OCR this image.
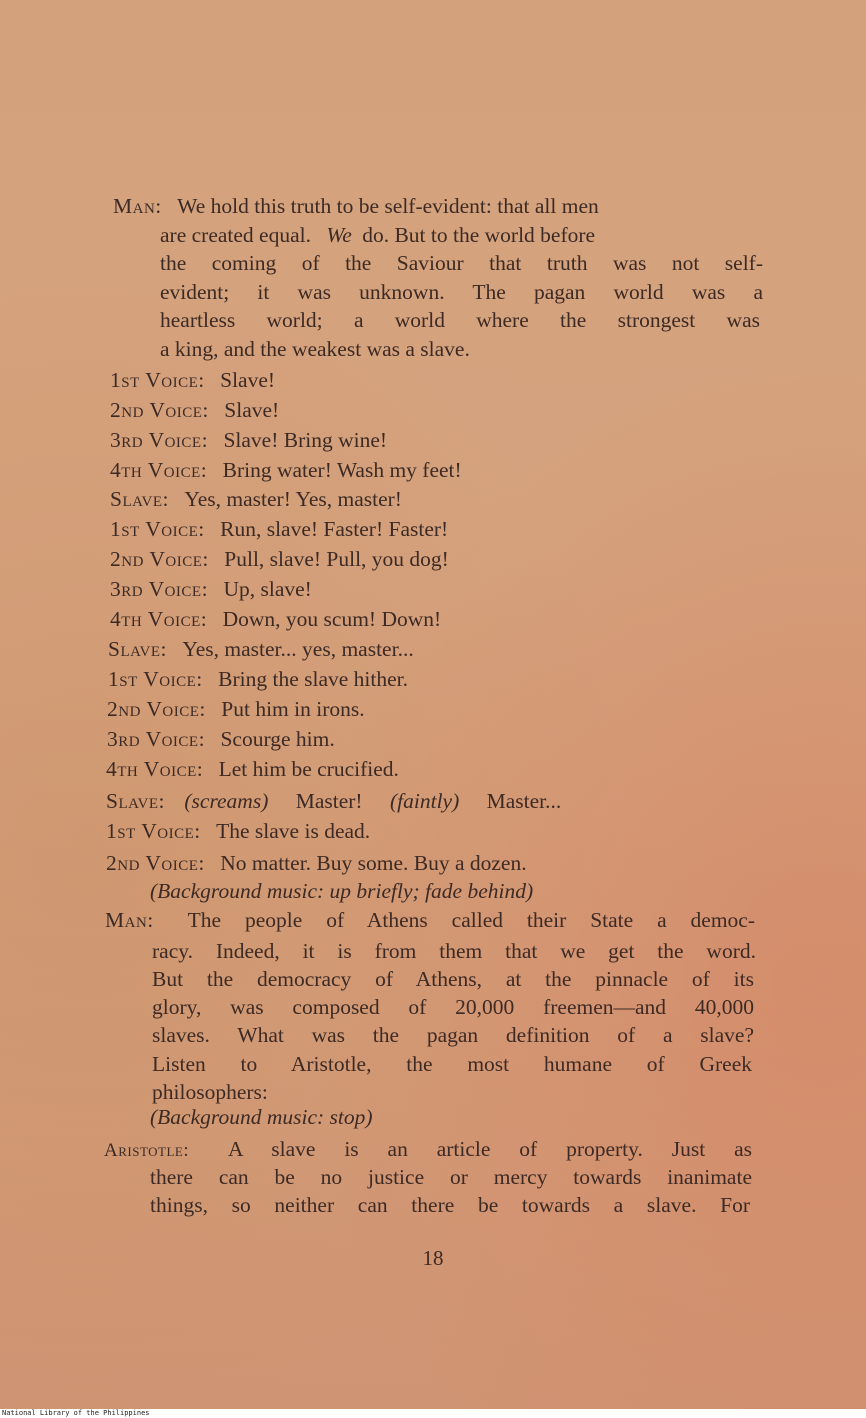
Man: We hold this truth to be self-evident: that all men
are created equal. We do. But to the world before
the coming of the Saviour that truth was not self-
evident; it was unknown. The pagan world was a
heartless world; a world where the strongest was
a king, and the weakest was a slave.
1st Voice: Slave!
2nd Voice: Slave!
3rd Voice: Slave! Bring wine!
4th Voice: Bring water! Wash my feet!
Slave: Yes, master! Yes, master!
1st Voice: Run, slave! Faster! Faster!
2nd Voice: Pull, slave! Pull, you dog!
3rd Voice: Up, slave!
4th Voice: Down, you scum! Down!
Slave: Yes, master... yes, master...
1st Voice: Bring the slave hither.
2nd Voice: Put him in irons.
3rd Voice: Scourge him.
4th Voice: Let him be crucified.
Slave: (screams) Master! (faintly) Master...
1st Voice: The slave is dead.
2nd Voice: No matter. Buy some. Buy a dozen.
(Background music: up briefly; fade behind)
Man: The people of Athens called their State a democ-
racy. Indeed, it is from them that we get the word.
But the democracy of Athens, at the pinnacle of its
glory, was composed of 20,000 freemen—and 40,000
slaves. What was the pagan definition of a slave?
Listen to Aristotle, the most humane of Greek
philosophers:
(Background music: stop)
Aristotle: A slave is an article of property. Just as
there can be no justice or mercy towards inanimate
things, so neither can there be towards a slave. For
18
National Library of the Philippines
